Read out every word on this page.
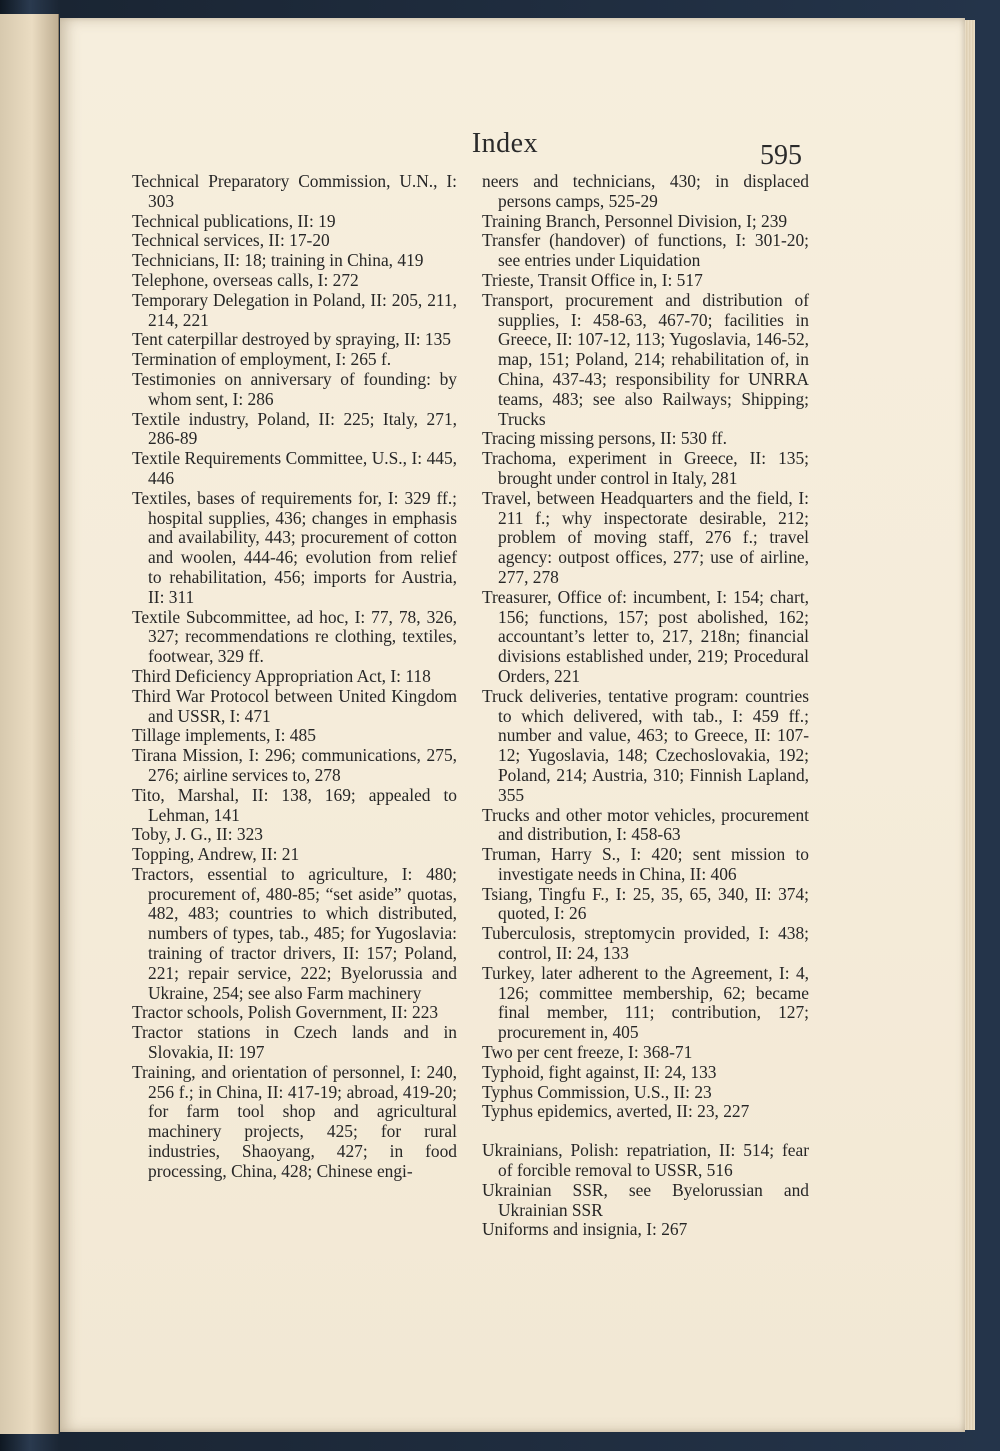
Index	595

Technical Preparatory Commission, U.N., I: 303

Technical publications, II: 19

Technical services, II: 17-20

Technicians, II: 18; training in China, 419

Telephone, overseas calls, I: 272

Temporary Delegation in Poland, II: 205, 211, 214, 221

Tent caterpillar destroyed by spraying, II: 135

Termination of employment, I: 265 f.

Testimonies on anniversary of founding: by whom sent, I: 286

Textile industry, Poland, II: 225; Italy, 271, 286-89

Textile Requirements Committee, U.S., I: 445, 446

Textiles, bases of requirements for, I: 329 ff.; hospital supplies, 436; changes in emphasis and availability, 443; procurement of cotton and woolen, 444-46; evolution from relief to rehabilitation, 456; imports for Austria, II: 311

Textile Subcommittee, ad hoc, I: 77, 78, 326, 327; recommendations re clothing, textiles, footwear, 329 ff.

Third Deficiency Appropriation Act, I: 118

Third War Protocol between United Kingdom and USSR, I: 471

Tillage implements, I: 485

Tirana Mission, I: 296; communications, 275, 276; airline services to, 278

Tito, Marshal, II: 138, 169; appealed to Lehman, 141

Toby, J. G., II: 323

Topping, Andrew, II: 21

Tractors, essential to agriculture, I: 480; procurement of, 480-85; “set aside” quotas, 482, 483; countries to which distributed, numbers of types, tab., 485; for Yugoslavia: training of tractor drivers, II: 157; Poland, 221; repair service, 222; Byelorussia and Ukraine, 254; see also Farm machinery

Tractor schools, Polish Government, II: 223

Tractor stations in Czech lands and in Slovakia, II: 197

Training, and orientation of personnel, I: 240, 256 f.; in China, II: 417-19; abroad, 419-20; for farm tool shop and agricultural machinery projects, 425; for rural industries, Shaoyang, 427; in food processing, China, 428; Chinese engi-

neers and technicians, 430; in displaced persons camps, 525-29

Training Branch, Personnel Division, I; 239

Transfer (handover) of functions, I: 301-20; see entries under Liquidation

Trieste, Transit Office in, I: 517

Transport, procurement and distribution of supplies, I: 458-63, 467-70; facilities in Greece, II: 107-12, 113; Yugoslavia, 146-52, map, 151; Poland, 214; rehabilitation of, in China, 437-43; responsibility for UNRRA teams, 483; see also Railways; Shipping; Trucks

Tracing missing persons, II: 530 ff.

Trachoma, experiment in Greece, II: 135; brought under control in Italy, 281

Travel, between Headquarters and the field, I: 211 f.; why inspectorate desirable, 212; problem of moving staff, 276 f.; travel agency: outpost offices, 277; use of airline, 277, 278

Treasurer, Office of: incumbent, I: 154; chart, 156; functions, 157; post abolished, 162; accountant’s letter to, 217, 218n; financial divisions established under, 219; Procedural Orders, 221

Truck deliveries, tentative program: countries to which delivered, with tab., I: 459 ff.; number and value, 463; to Greece, II: 107-12; Yugoslavia, 148; Czechoslovakia, 192; Poland, 214; Austria, 310; Finnish Lapland, 355

Trucks and other motor vehicles, procurement and distribution, I: 458-63

Truman, Harry S., I: 420; sent mission to investigate needs in China, II: 406

Tsiang, Tingfu F., I: 25, 35, 65, 340, II: 374; quoted, I: 26

Tuberculosis, streptomycin provided, I: 438; control, II: 24, 133

Turkey, later adherent to the Agreement, I: 4, 126; committee membership, 62; became final member, 111; contribution, 127; procurement in, 405

Two per cent freeze, I: 368-71

Typhoid, fight against, II: 24, 133

Typhus Commission, U.S., II: 23

Typhus epidemics, averted, II: 23, 227

Ukrainians, Polish: repatriation, II: 514; fear of forcible removal to USSR, 516

Ukrainian SSR, see Byelorussian and Ukrainian SSR

Uniforms and insignia, I: 267
